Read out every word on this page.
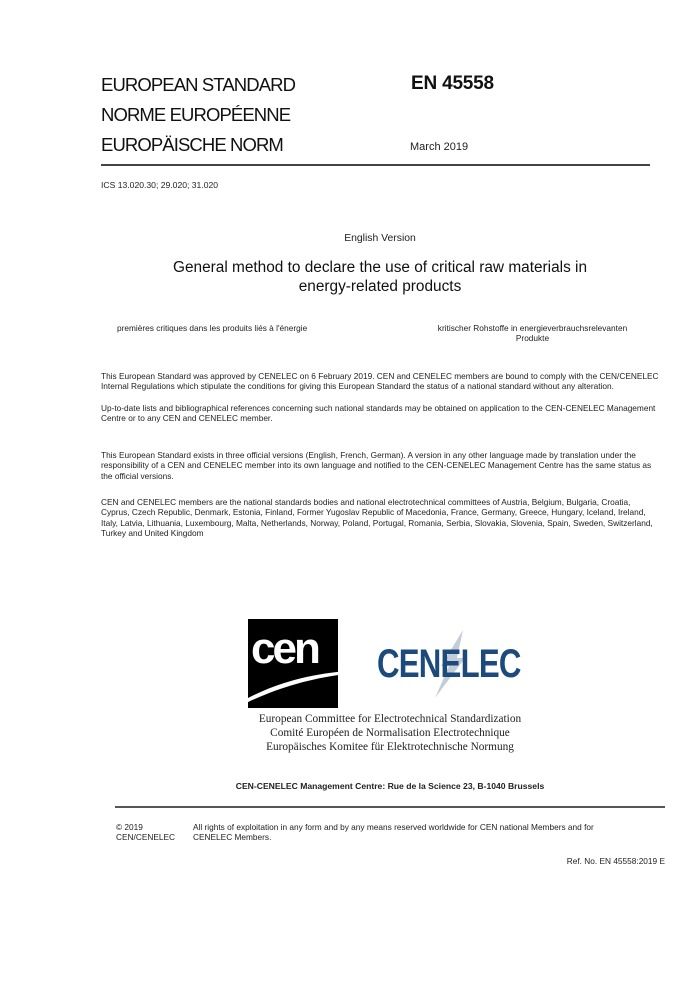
EUROPEAN STANDARD
NORME EUROPÉENNE
EUROPÄISCHE NORM
EN 45558
March 2019
ICS 13.020.30; 29.020; 31.020
English Version
General method to declare the use of critical raw materials in
energy-related products
premières critiques dans les produits liés à l'énergie	kritischer Rohstoffe in energieverbrauchsrelevanten
Produkte
This European Standard was approved by CENELEC on 6 February 2019. CEN and CENELEC members are bound to comply with the CEN/CENELEC Internal Regulations which stipulate the conditions for giving this European Standard the status of a national standard without any alteration.
Up-to-date lists and bibliographical references concerning such national standards may be obtained on application to the CEN-CENELEC Management Centre or to any CEN and CENELEC member.
This European Standard exists in three official versions (English, French, German). A version in any other language made by translation under the responsibility of a CEN and CENELEC member into its own language and notified to the CEN-CENELEC Management Centre has the same status as the official versions.
CEN and CENELEC members are the national standards bodies and national electrotechnical committees of Austria, Belgium, Bulgaria, Croatia, Cyprus, Czech Republic, Denmark, Estonia, Finland, Former Yugoslav Republic of Macedonia, France, Germany, Greece, Hungary, Iceland, Ireland, Italy, Latvia, Lithuania, Luxembourg, Malta, Netherlands, Norway, Poland, Portugal, Romania, Serbia, Slovakia, Slovenia, Spain, Sweden, Switzerland, Turkey and United Kingdom
cen CENELEC
European Committee for Electrotechnical Standardization
Comité Européen de Normalisation Electrotechnique
Europäisches Komitee für Elektrotechnische Normung
CEN-CENELEC Management Centre: Rue de la Science 23, B-1040 Brussels
© 2019
CEN/CENELEC
All rights of exploitation in any form and by any means reserved worldwide for CEN national Members and for
CENELEC Members.
Ref. No. EN 45558:2019 E
